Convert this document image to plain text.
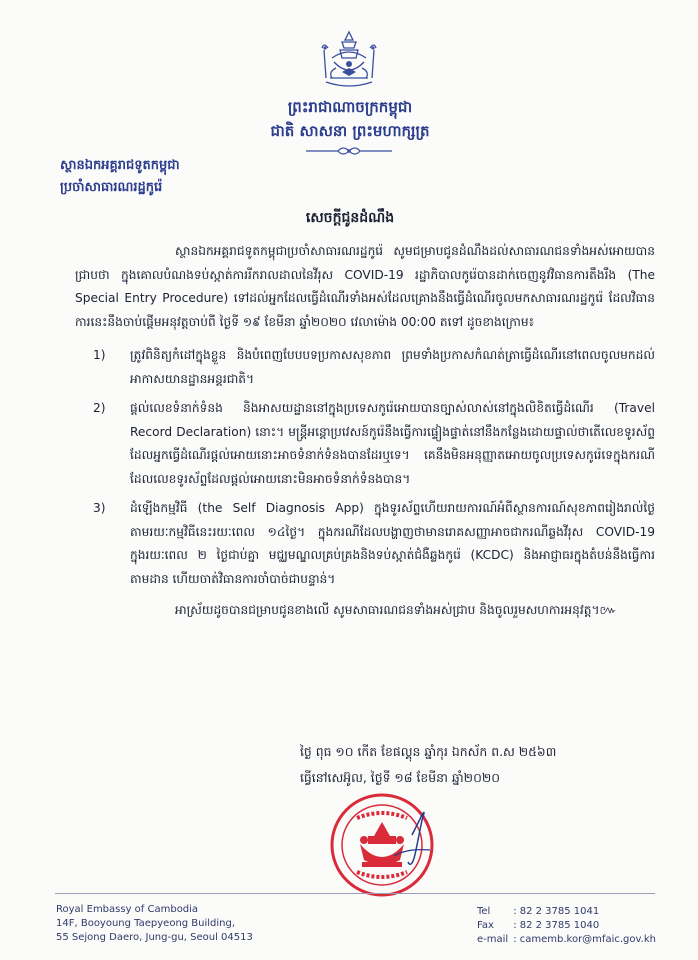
ព្រះរាជាណាចក្រកម្ពុជា
ជាតិ សាសនា ព្រះមហាក្សត្រ
ស្ថានឯកអគ្គរាជទូតកម្ពុជា
ប្រចាំសាធារណរដ្ឋកូរ៉េ
សេចក្តីជូនដំណឹង

ស្ថានឯកអគ្គរាជទូតកម្ពុជាប្រចាំសាធារណរដ្ឋកូរ៉េ សូមជម្រាបជូនដំណឹងដល់សាធារណជនទាំងអស់អោយបានជ្រាបថា ក្នុងគោលបំណងទប់ស្កាត់ការរីករាលដាលនៃវីរុស COVID-19 រដ្ឋាភិបាលកូរ៉េបានដាក់ចេញនូវវិធានការតឹងរឹង (The Special Entry Procedure) ទៅដល់អ្នកដែលធ្វើដំណើរទាំងអស់ដែលគ្រោងនឹងធ្វើដំណើរចូលមកសាធារណរដ្ឋកូរ៉េ ដែលវិធានការនេះនឹងចាប់ផ្តើមអនុវត្តចាប់ពី ថ្ងៃទី ១៩ ខែមីនា ឆ្នាំ២០២០ វេលាម៉ោង 00:00 តទៅ ដូចខាងក្រោម៖

1) ត្រូវពិនិត្យកំដៅក្នុងខ្លួន និងបំពេញបែបបទប្រកាសសុខភាព ព្រមទាំងប្រកាសកំណត់ត្រាធ្វើដំណើរនៅពេលចូលមកដល់អាកាសយានដ្ឋានអន្តរជាតិ។
2) ផ្តល់លេខទំនាក់ទំនង និងអាសយដ្ឋាននៅក្នុងប្រទេសកូរ៉េអោយបានច្បាស់លាស់នៅក្នុងលិខិតធ្វើដំណើរ (Travel Record Declaration) នោះ។ មន្ត្រីអន្តោប្រវេសន៍កូរ៉េនឹងធ្វើការផ្ទៀងផ្ទាត់នៅនឹងកន្លែងដោយផ្ទាល់ថាតើលេខទូរស័ព្ទដែលអ្នកធ្វើដំណើរផ្តល់អោយនោះអាចទំនាក់ទំនងបានដែរឬទេ។ គេនឹងមិនអនុញ្ញាតអោយចូលប្រទេសកូរ៉េទេក្នុងករណីដែលលេខទូរស័ព្ទដែលផ្តល់អោយនោះមិនអាចទំនាក់ទំនងបាន។
3) ដំឡើងកម្មវិធី (the Self Diagnosis App) ក្នុងទូរស័ព្ទហើយរាយការណ៍អំពីស្ថានការណ៍សុខភាពរៀងរាល់ថ្ងៃតាមរយៈកម្មវិធីនេះរយៈពេល ១៤ថ្ងៃ។ ក្នុងករណីដែលបង្ហាញថាមានរោគសញ្ញាអាចជាករណីឆ្លងវីរុស COVID-19 ក្នុងរយៈពេល ២ ថ្ងៃជាប់គ្នា មជ្ឈមណ្ឌលគ្រប់គ្រងនិងទប់ស្កាត់ជំងឺឆ្លងកូរ៉េ (KCDC) និងអាជ្ញាធរក្នុងតំបន់នឹងធ្វើការតាមដាន ហើយចាត់វិធានការចាំបាច់ជាបន្ទាន់។

អាស្រ័យដូចបានជម្រាបជូនខាងលើ សូមសាធារណជនទាំងអស់ជ្រាប និងចូលរួមសហការអនុវត្ត។៚

ថ្ងៃ ពុធ ១០ កើត ខែផល្គុន ឆ្នាំកុរ ឯកស័ក ព.ស ២៥៦៣
ធ្វើនៅសេអ៊ូល, ថ្ងៃទី ១៨ ខែមីនា ឆ្នាំ២០២០
Royal Embassy of Cambodia
14F, Booyoung Taepyeong Building,
55 Sejong Daero, Jung-gu, Seoul 04513
Tel : 82 2 3785 1041
Fax : 82 2 3785 1040
e-mail : camemb.kor@mfaic.gov.kh
